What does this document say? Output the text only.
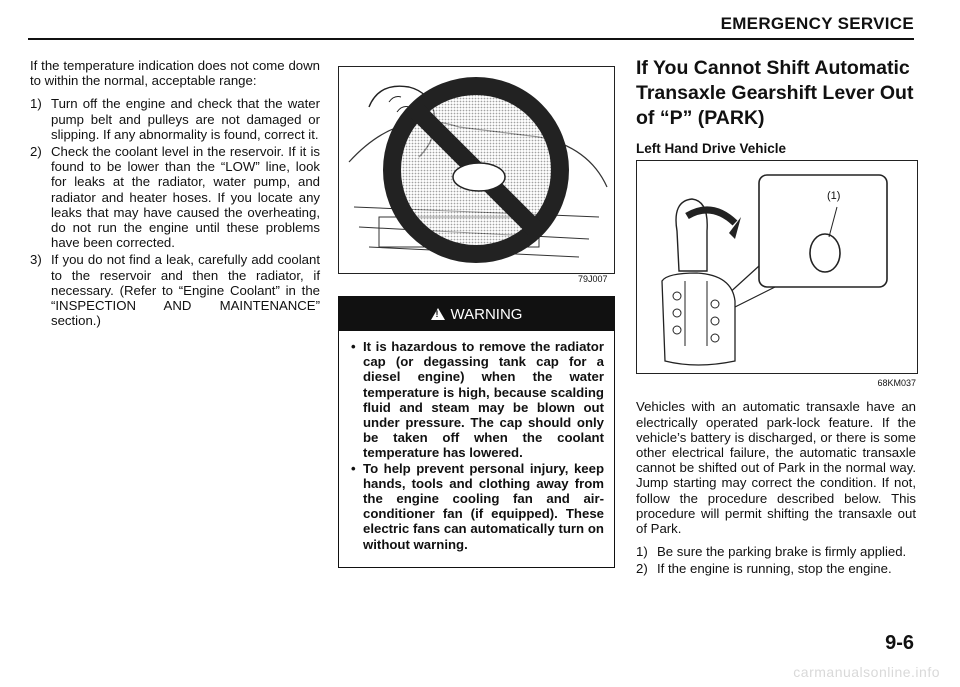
EMERGENCY SERVICE

If the temperature indication does not come down to within the normal, acceptable range:

1) Turn off the engine and check that the water pump belt and pulleys are not damaged or slipping. If any abnormality is found, correct it.
2) Check the coolant level in the reservoir. If it is found to be lower than the “LOW” line, look for leaks at the radiator, water pump, and radiator and heater hoses. If you locate any leaks that may have caused the overheating, do not run the engine until these problems have been corrected.
3) If you do not find a leak, carefully add coolant to the reservoir and then the radiator, if necessary. (Refer to “Engine Coolant” in the “INSPECTION AND MAINTENANCE” section.)
79J007
!
WARNING
• It is hazardous to remove the radiator cap (or degassing tank cap for a diesel engine) when the water temperature is high, because scalding fluid and steam may be blown out under pressure. The cap should only be taken off when the coolant temperature has lowered.
• To help prevent personal injury, keep hands, tools and clothing away from the engine cooling fan and air-conditioner fan (if equipped). These electric fans can automatically turn on without warning.
If You Cannot Shift Automatic Transaxle Gearshift Lever Out of “P” (PARK)
Left Hand Drive Vehicle
(1)
68KM037

Vehicles with an automatic transaxle have an electrically operated park-lock feature. If the vehicle’s battery is discharged, or there is some other electrical failure, the automatic transaxle cannot be shifted out of Park in the normal way. Jump starting may correct the condition. If not, follow the procedure described below. This procedure will permit shifting the transaxle out of Park.

1) Be sure the parking brake is firmly applied.
2) If the engine is running, stop the engine.
9-6
carmanualsonline.info
